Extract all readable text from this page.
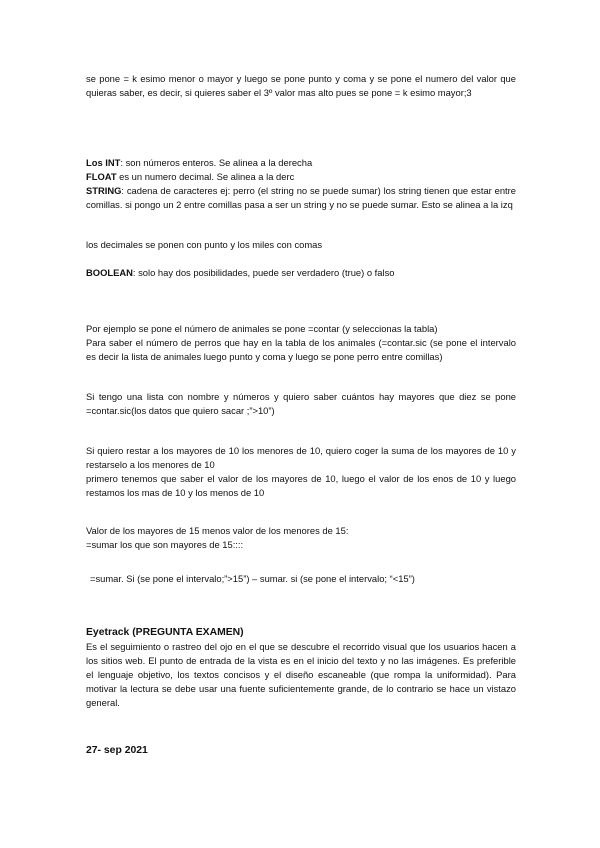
se pone = k esimo menor o mayor y luego se pone punto y coma y se pone el numero del valor que quieras saber, es decir, si quieres saber el 3º valor mas alto pues se pone = k esimo mayor;3

Los INT: son números enteros. Se alinea a la derecha

FLOAT es un numero decimal. Se alinea a la derc

STRING: cadena de caracteres ej: perro (el string no se puede sumar) los string tienen que estar entre comillas. si pongo un 2 entre comillas pasa a ser un string y no se puede sumar. Esto se alinea a la izq

los decimales se ponen con punto y los miles con comas

BOOLEAN: solo hay dos posibilidades, puede ser verdadero (true) o falso

Por ejemplo se pone el número de animales se pone =contar (y seleccionas la tabla)
Para saber el número de perros que hay en la tabla de los animales (=contar.sic (se pone el intervalo es decir la lista de animales luego punto y coma y luego se pone perro entre comillas)

Si tengo una lista con nombre y números y quiero saber cuántos hay mayores que diez se pone =contar.sic(los datos que quiero sacar ;”>10”)

Si quiero restar a los mayores de 10 los menores de 10, quiero coger la suma de los mayores de 10 y restarselo a los menores de 10
primero tenemos que saber el valor de los mayores de 10, luego el valor de los enos de 10 y luego restamos los mas de 10 y los menos de 10

Valor de los mayores de 15 menos valor de los menores de 15:
=sumar los que son mayores de 15::::

=sumar. Si (se pone el intervalo;”>15”) – sumar. si (se pone el intervalo; “<15”)

Eyetrack (PREGUNTA EXAMEN)

Es el seguimiento o rastreo del ojo en el que se descubre el recorrido visual que los usuarios hacen a los sitios web. El punto de entrada de la vista es en el inicio del texto y no las imágenes. Es preferible el lenguaje objetivo, los textos concisos y el diseño escaneable (que rompa la uniformidad). Para motivar la lectura se debe usar una fuente suficientemente grande, de lo contrario se hace un vistazo general.

27- sep 2021
